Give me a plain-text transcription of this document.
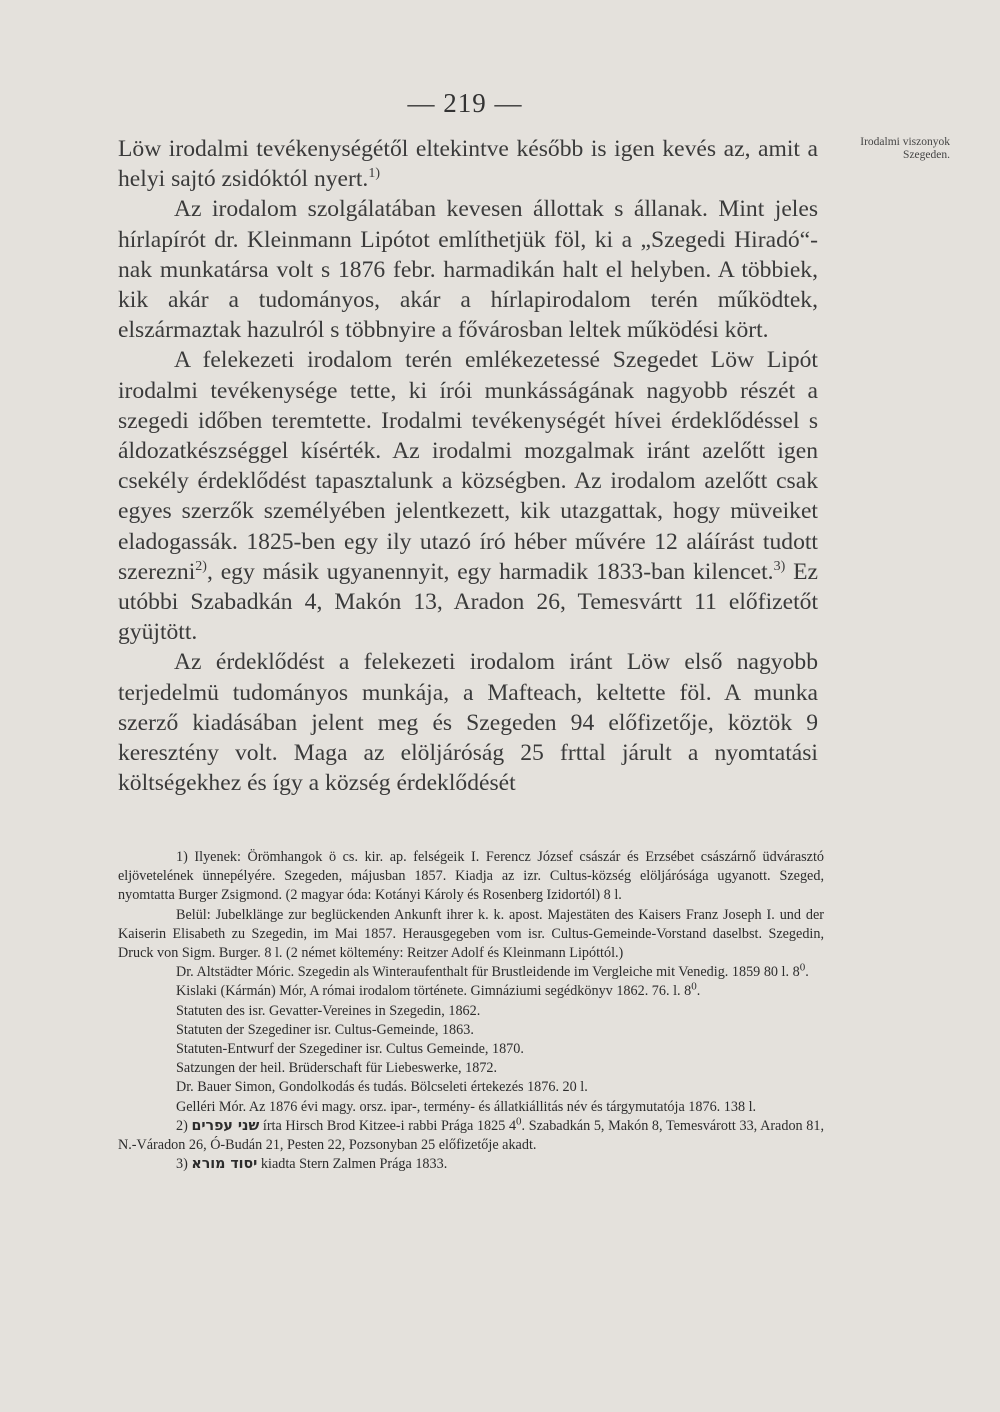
— 219 —
Irodalmi viszonyok Szegeden.

Löw irodalmi tevékenységétől eltekintve később is igen kevés az, amit a helyi sajtó zsidóktól nyert.$^{1)}$

Az irodalom szolgálatában kevesen állottak s állanak. Mint jeles hírlapírót dr. Kleinmann Lipótot említhetjük föl, ki a „Szegedi Hiradó“-nak munkatársa volt s 1876 febr. harmadikán halt el helyben. A többiek, kik akár a tudományos, akár a hírlapirodalom terén működtek, elszármaztak hazulról s többnyire a fővárosban leltek működési kört.

A felekezeti irodalom terén emlékezetessé Szegedet Löw Lipót irodalmi tevékenysége tette, ki írói munkásságának nagyobb részét a szegedi időben teremtette. Irodalmi tevékenységét hívei érdeklődéssel s áldozatkészséggel kísérték. Az irodalmi mozgalmak iránt azelőtt igen csekély érdeklődést tapasztalunk a községben. Az irodalom azelőtt csak egyes szerzők személyében jelentkezett, kik utazgattak, hogy müveiket eladogassák. 1825-ben egy ily utazó író héber művére 12 aláírást tudott szerezni$^{2)}$, egy másik ugyanennyit, egy harmadik 1833-ban kilencet.$^{3)}$ Ez utóbbi Szabadkán 4, Makón 13, Aradon 26, Temesvártt 11 előfizetőt gyüjtött.

Az érdeklődést a felekezeti irodalom iránt Löw első nagyobb terjedelmü tudományos munkája, a Mafteach, keltette föl. A munka szerző kiadásában jelent meg és Szegeden 94 előfizetője, köztök 9 keresztény volt. Maga az elöljáróság 25 frttal járult a nyomtatási költségekhez és így a község érdeklődését

1) Ilyenek: Örömhangok ö cs. kir. ap. felségeik I. Ferencz József császár és Erzsébet császárnő üdvárasztó eljövetelének ünnepélyére. Szegeden, májusban 1857. Kiadja az izr. Cultus-község elöljárósága ugyanott. Szeged, nyomtatta Burger Zsigmond. (2 magyar óda: Kotányi Károly és Rosenberg Izidortól) 8 l.

Belül: Jubelklänge zur beglückenden Ankunft ihrer k. k. apost. Majestäten des Kaisers Franz Joseph I. und der Kaiserin Elisabeth zu Szegedin, im Mai 1857. Herausgegeben vom isr. Cultus-Gemeinde-Vorstand daselbst. Szegedin, Druck von Sigm. Burger. 8 l. (2 német költemény: Reitzer Adolf és Kleinmann Lipóttól.)

Dr. Altstädter Móric. Szegedin als Winteraufenthalt für Brustleidende im Vergleiche mit Venedig. 1859 80 l. 8$^0$.

Kislaki (Kármán) Mór, A római irodalom története. Gimnáziumi segédkönyv 1862. 76. l. 8$^0$.

Statuten des isr. Gevatter-Vereines in Szegedin, 1862.

Statuten der Szegediner isr. Cultus-Gemeinde, 1863.

Statuten-Entwurf der Szegediner isr. Cultus Gemeinde, 1870.

Satzungen der heil. Brüderschaft für Liebeswerke, 1872.

Dr. Bauer Simon, Gondolkodás és tudás. Bölcseleti értekezés 1876. 20 l.

Gelléri Mór. Az 1876 évi magy. orsz. ipar-, termény- és állatkiállitás név és tárgymutatója 1876. 138 l.

2) שני עפרים írta Hirsch Brod Kitzee-i rabbi Prága 1825 4$^0$. Szabadkán 5, Makón 8, Temesvárott 33, Aradon 81, N.-Váradon 26, Ó-Budán 21, Pesten 22, Pozsonyban 25 előfizetője akadt.

3) יסוד מורא kiadta Stern Zalmen Prága 1833.
